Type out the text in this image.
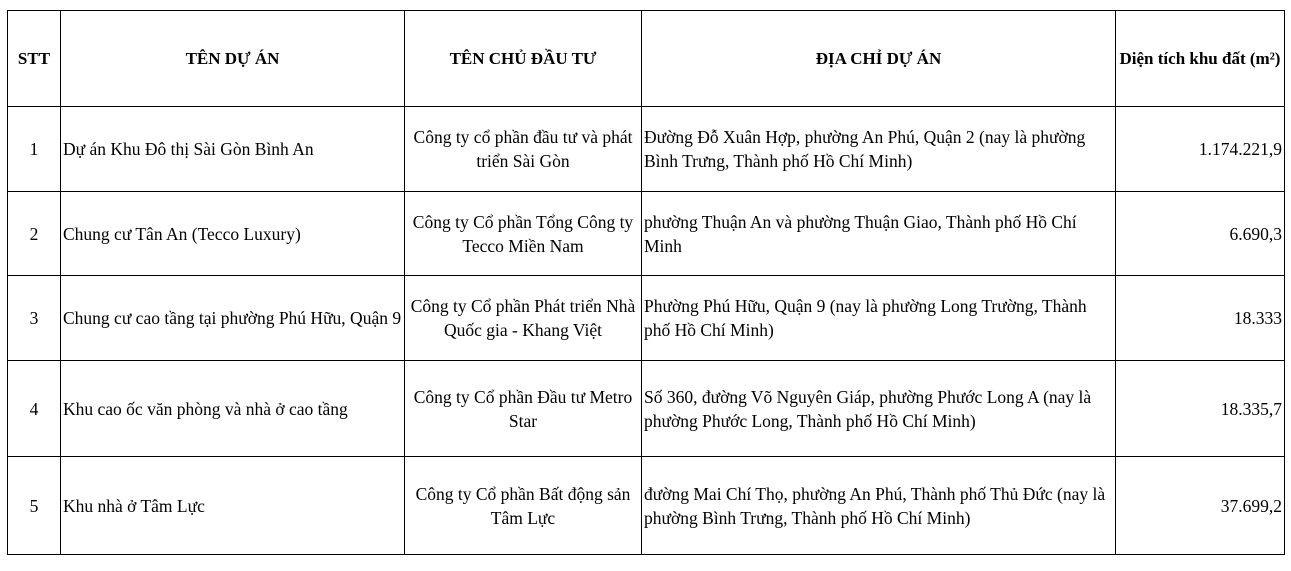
STT	TÊN DỰ ÁN	TÊN CHỦ ĐẦU TƯ	ĐỊA CHỈ DỰ ÁN	Diện tích khu đất (m²)
1	Dự án Khu Đô thị Sài Gòn Bình An	Công ty cổ phần đầu tư và phát triển Sài Gòn	Đường Đỗ Xuân Hợp, phường An Phú, Quận 2 (nay là phường Bình Trưng, Thành phố Hồ Chí Minh)	1.174.221,9
2	Chung cư Tân An (Tecco Luxury)	Công ty Cổ phần Tổng Công ty Tecco Miền Nam	phường Thuận An và phường Thuận Giao, Thành phố Hồ Chí Minh	6.690,3
3	Chung cư cao tầng tại phường Phú Hữu, Quận 9	Công ty Cổ phần Phát triển Nhà Quốc gia - Khang Việt	Phường Phú Hữu, Quận 9 (nay là phường Long Trường, Thành phố Hồ Chí Minh)	18.333
4	Khu cao ốc văn phòng và nhà ở cao tầng	Công ty Cổ phần Đầu tư Metro Star	Số 360, đường Võ Nguyên Giáp, phường Phước Long A (nay là phường Phước Long, Thành phố Hồ Chí Minh)	18.335,7
5	Khu nhà ở Tâm Lực	Công ty Cổ phần Bất động sản Tâm Lực	đường Mai Chí Thọ, phường An Phú, Thành phố Thủ Đức (nay là phường Bình Trưng, Thành phố Hồ Chí Minh)	37.699,2
